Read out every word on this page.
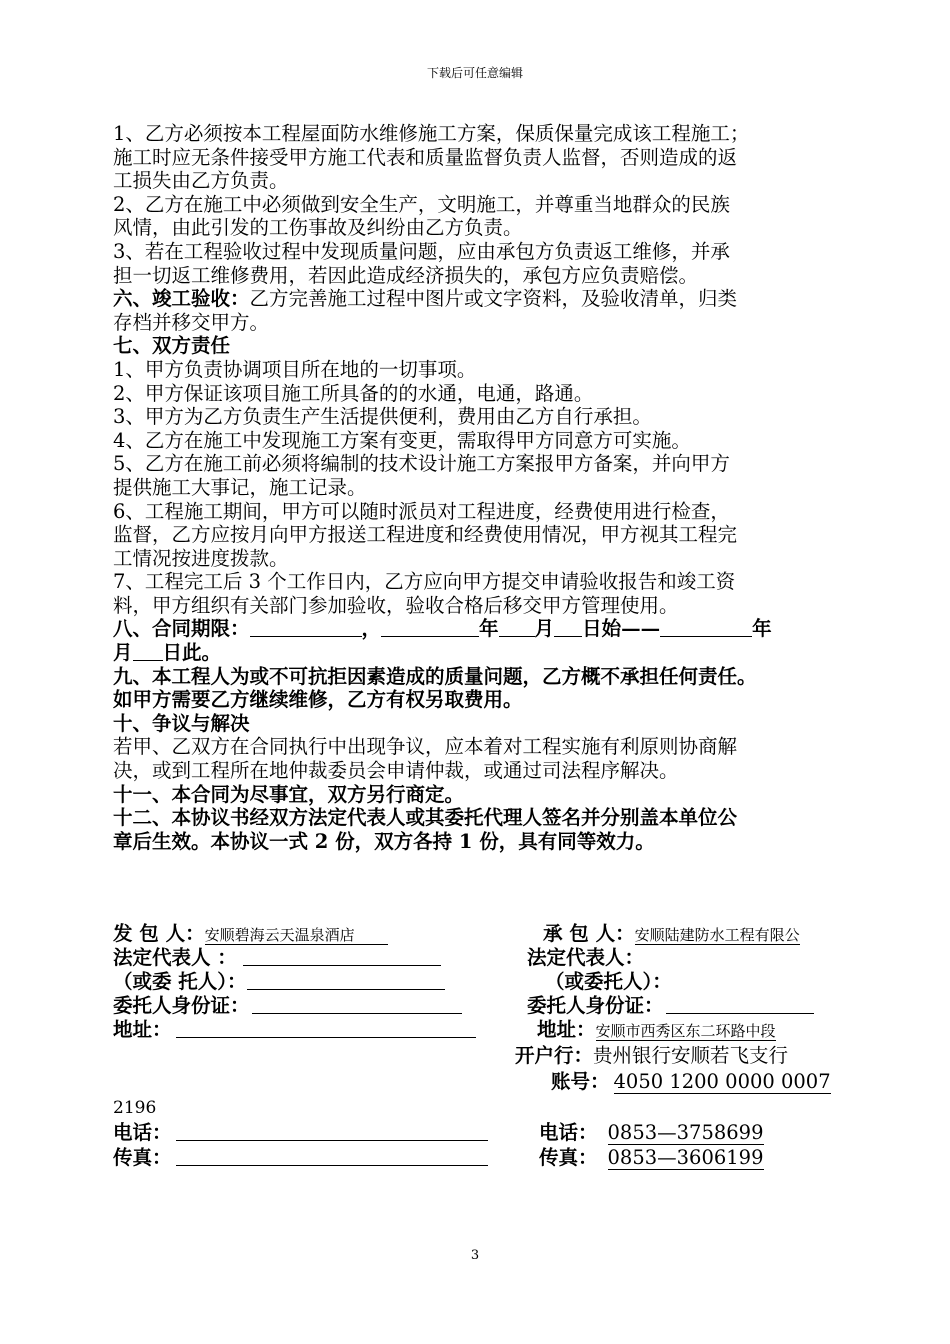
下载后可任意编辑

1、乙方必须按本工程屋面防水维修施工方案，保质保量完成该工程施工；

施工时应无条件接受甲方施工代表和质量监督负责人监督，否则造成的返

工损失由乙方负责。

2、乙方在施工中必须做到安全生产，文明施工，并尊重当地群众的民族

风情，由此引发的工伤事故及纠纷由乙方负责。

3、若在工程验收过程中发现质量问题，应由承包方负责返工维修，并承

担一切返工维修费用，若因此造成经济损失的，承包方应负责赔偿。

六、竣工验收：乙方完善施工过程中图片或文字资料，及验收清单，归类

存档并移交甲方。

七、双方责任

1、甲方负责协调项目所在地的一切事项。

2、甲方保证该项目施工所具备的的水通，电通，路通。

3、甲方为乙方负责生产生活提供便利，费用由乙方自行承担。

4、乙方在施工中发现施工方案有变更，需取得甲方同意方可实施。

5、乙方在施工前必须将编制的技术设计施工方案报甲方备案，并向甲方

提供施工大事记，施工记录。

6、工程施工期间，甲方可以随时派员对工程进度，经费使用进行检查，

监督，乙方应按月向甲方报送工程进度和经费使用情况，甲方视其工程完

工情况按进度拨款。

7、工程完工后 3 个工作日内，乙方应向甲方提交申请验收报告和竣工资

料，甲方组织有关部门参加验收，验收合格后移交甲方管理使用。

八、合同期限：	，	年 月 日始——	年

月 日此。

九、本工程人为或不可抗拒因素造成的质量问题，乙方概不承担任何责任。

如甲方需要乙方继续维修，乙方有权另取费用。

十、争议与解决

若甲、乙双方在合同执行中出现争议，应本着对工程实施有利原则协商解

决，或到工程所在地仲裁委员会申请仲裁，或通过司法程序解决。

十一、本合同为尽事宜，双方另行商定。

十二、本协议书经双方法定代表人或其委托代理人签名并分别盖本单位公

章后生效。本协议一式 2 份，双方各持 1 份，具有同等效力。

发 包 人：安顺碧海云天温泉酒店	承 包 人：安顺陆建防水工程有限公
法定代表人 ：	法定代表人：
（或委 托人）：	（或委托人）：
委托人身份证：	委托人身份证：
地址：	地址：安顺市西秀区东二环路中段
开户行：贵州银行安顺若飞支行
账号： 4050 1200 0000 0007
2196
电话：	电话： 0853—3758699
传真：	传真： 0853—3606199
3
